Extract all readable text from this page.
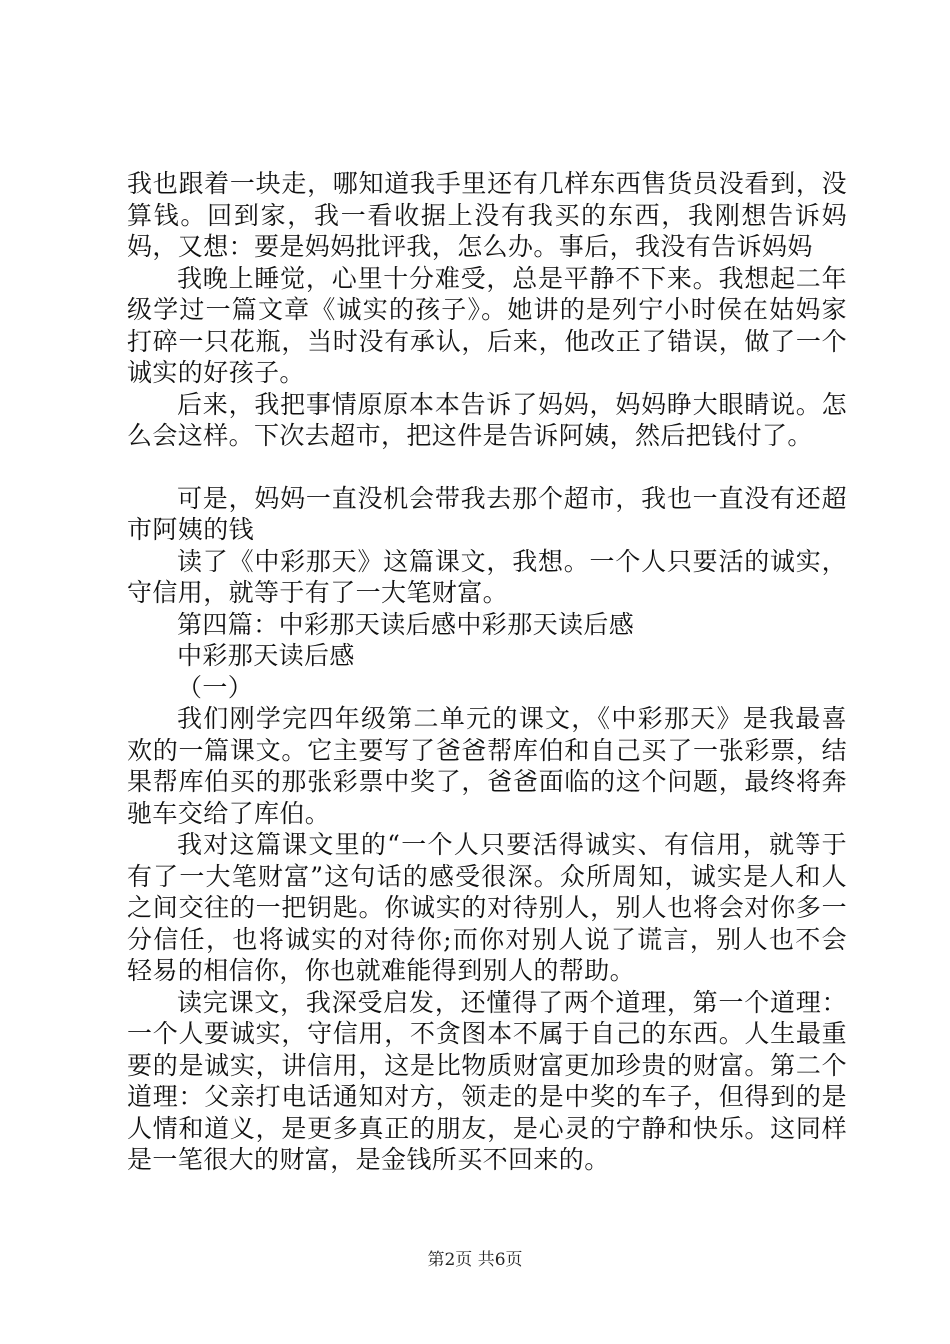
我也跟着一块走，哪知道我手里还有几样东西售货员没看到，没算钱。回到家，我一看收据上没有我买的东西，我刚想告诉妈妈，又想：要是妈妈批评我，怎么办。事后，我没有告诉妈妈

我晚上睡觉，心里十分难受，总是平静不下来。我想起二年级学过一篇文章《诚实的孩子》。她讲的是列宁小时侯在姑妈家打碎一只花瓶，当时没有承认，后来，他改正了错误，做了一个诚实的好孩子。

后来，我把事情原原本本告诉了妈妈，妈妈睁大眼睛说。怎么会这样。下次去超市，把这件是告诉阿姨，然后把钱付了。

可是，妈妈一直没机会带我去那个超市，我也一直没有还超市阿姨的钱

读了《中彩那天》这篇课文，我想。一个人只要活的诚实，守信用，就等于有了一大笔财富。

第四篇：中彩那天读后感中彩那天读后感

中彩那天读后感

（一）

我们刚学完四年级第二单元的课文，《中彩那天》是我最喜欢的一篇课文。它主要写了爸爸帮库伯和自己买了一张彩票，结果帮库伯买的那张彩票中奖了，爸爸面临的这个问题，最终将奔驰车交给了库伯。

我对这篇课文里的“一个人只要活得诚实、有信用，就等于有了一大笔财富”这句话的感受很深。众所周知，诚实是人和人之间交往的一把钥匙。你诚实的对待别人，别人也将会对你多一分信任，也将诚实的对待你;而你对别人说了谎言，别人也不会轻易的相信你，你也就难能得到别人的帮助。

读完课文，我深受启发，还懂得了两个道理，第一个道理：一个人要诚实，守信用，不贪图本不属于自己的东西。人生最重要的是诚实，讲信用，这是比物质财富更加珍贵的财富。第二个道理：父亲打电话通知对方，领走的是中奖的车子，但得到的是人情和道义，是更多真正的朋友，是心灵的宁静和快乐。这同样是一笔很大的财富，是金钱所买不回来的。

第2页 共6页
